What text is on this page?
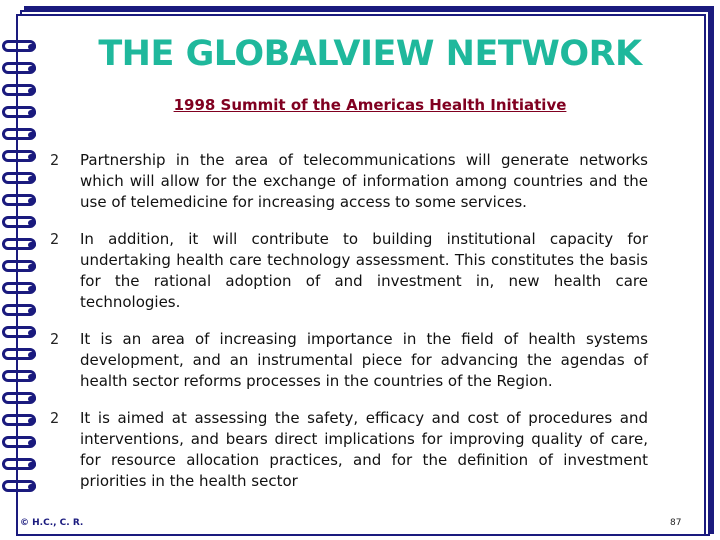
THE GLOBALVIEW NETWORK
1998 Summit of the Americas Health Initiative
2	Partnership in the area of telecommunications will generate networks which will allow for the exchange of information among countries and the use of telemedicine for increasing access to some services.
2	In addition, it will contribute to building institutional capacity for undertaking health care technology assessment. This constitutes the basis for the rational adoption of and investment in, new health care technologies.
2	It is an area of increasing importance in the field of health systems development, and an instrumental piece for advancing the agendas of health sector reforms processes in the countries of the Region.
2	It is aimed at assessing the safety, efficacy and cost of procedures and interventions, and bears direct implications for improving quality of care, for resource allocation practices, and for the definition of investment priorities in the health sector
© H.C., C. R.	87
